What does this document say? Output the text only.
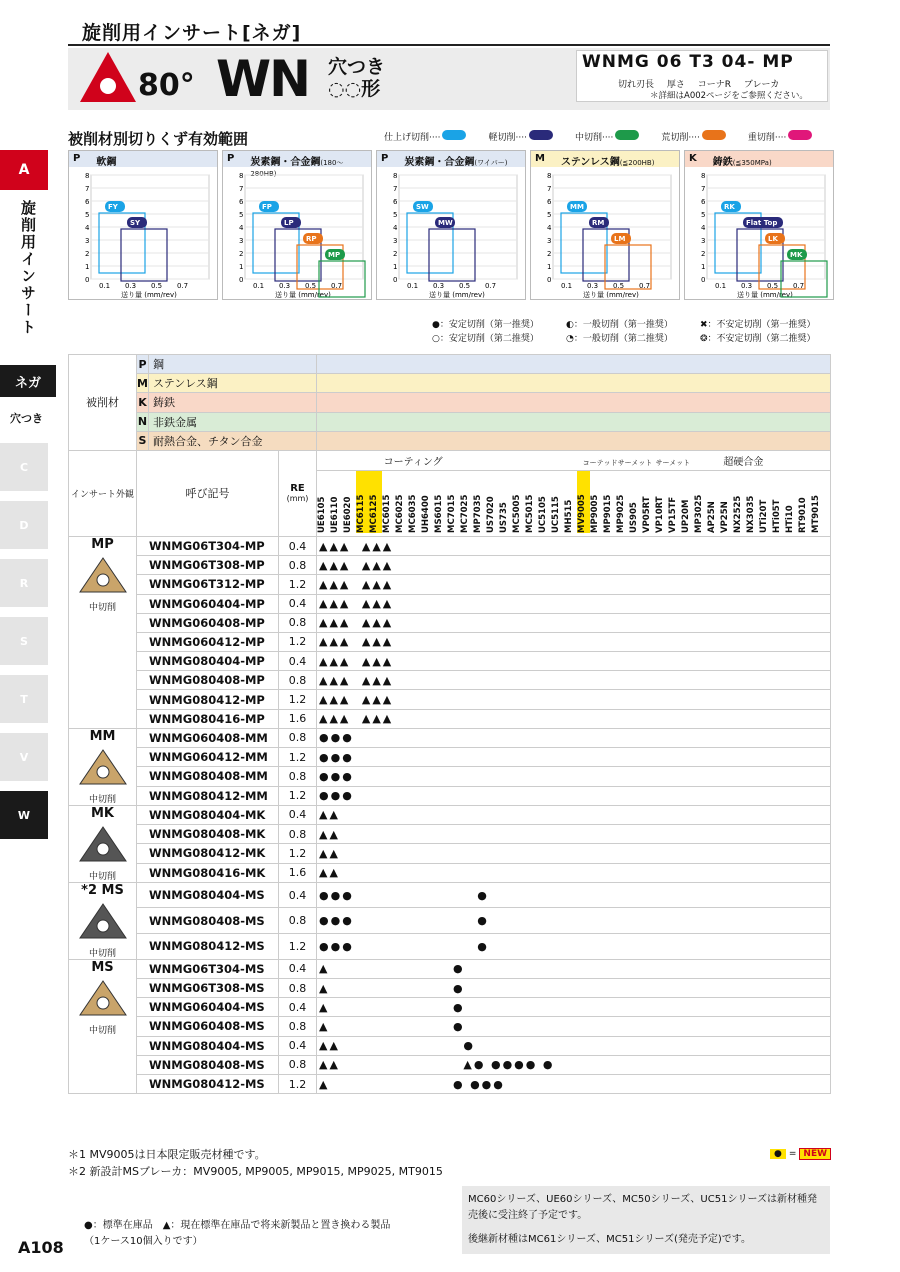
旋削用インサート[ネガ]
80° WN 穴つき
◌◌形
WNMG 06 T3 04- MP
切れ刃長 厚さ コーナR ブレーカ
＊詳細はA002ページをご参照ください。
被削材別切りくず有効範囲	仕上げ切削····	軽切削····	中切削····	荒切削····	重切削····
P 軟鋼
0
1
2
3
4
5
6
7
8
0.1 0.3 0.5 0.7
送り量 (mm/rev)
FY
SY
P 炭素鋼・合金鋼(180～280HB)
0
1
2
3
4
5
6
7
8
0.1 0.3 0.5 0.7
送り量 (mm/rev)
FP
LP
RP
MP
P 炭素鋼・合金鋼(ワイパー)
0
1
2
3
4
5
6
7
8
0.1 0.3 0.5 0.7
送り量 (mm/rev)
SW
MW
M ステンレス鋼(≦200HB)
0
1
2
3
4
5
6
7
8
0.1 0.3 0.5 0.7
送り量 (mm/rev)
MM
RM
LM
K 鋳鉄(≦350MPa)
0
1
2
3
4
5
6
7
8
0.1 0.3 0.5 0.7
送り量 (mm/rev)
RK
Flat Top
LK
MK
●：安定切削（第一推奨）	◐：一般切削（第一推奨）	✖：不安定切削（第一推奨）
○：安定切削（第二推奨）	◔：一般切削（第二推奨）	❂：不安定切削（第二推奨）
A
旋削用インサート
ネガ
穴つき
C
D
R
S
T
V
W
被削材	P	鋼		
	M	ステンレス鋼		
	K	鋳鉄		
	N	非鉄金属		
	S	耐熱合金、チタン合金		
インサート外観	呼び記号		RE
(mm)	コーティング コーテッドサーメット サーメット 超硬合金
				UE6105 UE6110 UE6020 MC6115 MC6125 MC6015 MC6025 MC6035 UH6400 MS6015 MC7015 MC7025 MP7035 US7020 US735 MC5005 MC5015 UC5105 UC5115 MH515 MV9005 MP9005 MP9015 MP9025 US905 VP05RT VP10RT VP15TF UP20M MP3025 AP25N VP25N NX2525 NX3035 UTi20T HTi05T HTi10 RT9010 MT9015

MP
中切削	WNMG06T304-MP		0.4	▲▲▲ ▲▲▲
	WNMG06T308-MP		0.8	▲▲▲ ▲▲▲
	WNMG06T312-MP		1.2	▲▲▲ ▲▲▲
	WNMG060404-MP		0.4	▲▲▲ ▲▲▲
	WNMG060408-MP		0.8	▲▲▲ ▲▲▲
	WNMG060412-MP		1.2	▲▲▲ ▲▲▲
	WNMG080404-MP		0.4	▲▲▲ ▲▲▲
	WNMG080408-MP		0.8	▲▲▲ ▲▲▲
	WNMG080412-MP		1.2	▲▲▲ ▲▲▲
	WNMG080416-MP		1.6	▲▲▲ ▲▲▲

MM
中切削	WNMG060408-MM		0.8	●●●
	WNMG060412-MM		1.2	●●●
	WNMG080408-MM		0.8	●●●
	WNMG080412-MM		1.2	●●●

MK
中切削	WNMG080404-MK		0.4	▲▲
	WNMG080408-MK		0.8	▲▲
	WNMG080412-MK		1.2	▲▲
	WNMG080416-MK		1.6	▲▲

*2 MS
中切削	WNMG080404-MS		0.4	●●● ●
	WNMG080408-MS		0.8	●●● ●
	WNMG080412-MS		1.2	●●● ●

MS
中切削	WNMG06T304-MS		0.4	▲ ●
	WNMG06T308-MS		0.8	▲ ●
	WNMG060404-MS		0.4	▲ ●
	WNMG060408-MS		0.8	▲ ●
	WNMG080404-MS		0.4	▲▲ ●
	WNMG080408-MS		0.8	▲▲ ▲● ●●●● ●
	WNMG080412-MS		1.2	▲ ● ●●●
＊1 MV9005は日本限定販売材種です。
＊2 新設計MSブレーカ：MV9005, MP9005, MP9015, MP9025, MT9015
● = NEW
●：標準在庫品　▲：現在標準在庫品で将来新製品と置き換わる製品
（1ケース10個入りです）
A108
MC60シリーズ、UE60シリーズ、MC50シリーズ、UC51シリーズは新材種発売後に受注終了予定です。
後継新材種はMC61シリーズ、MC51シリーズ(発売予定)です。
